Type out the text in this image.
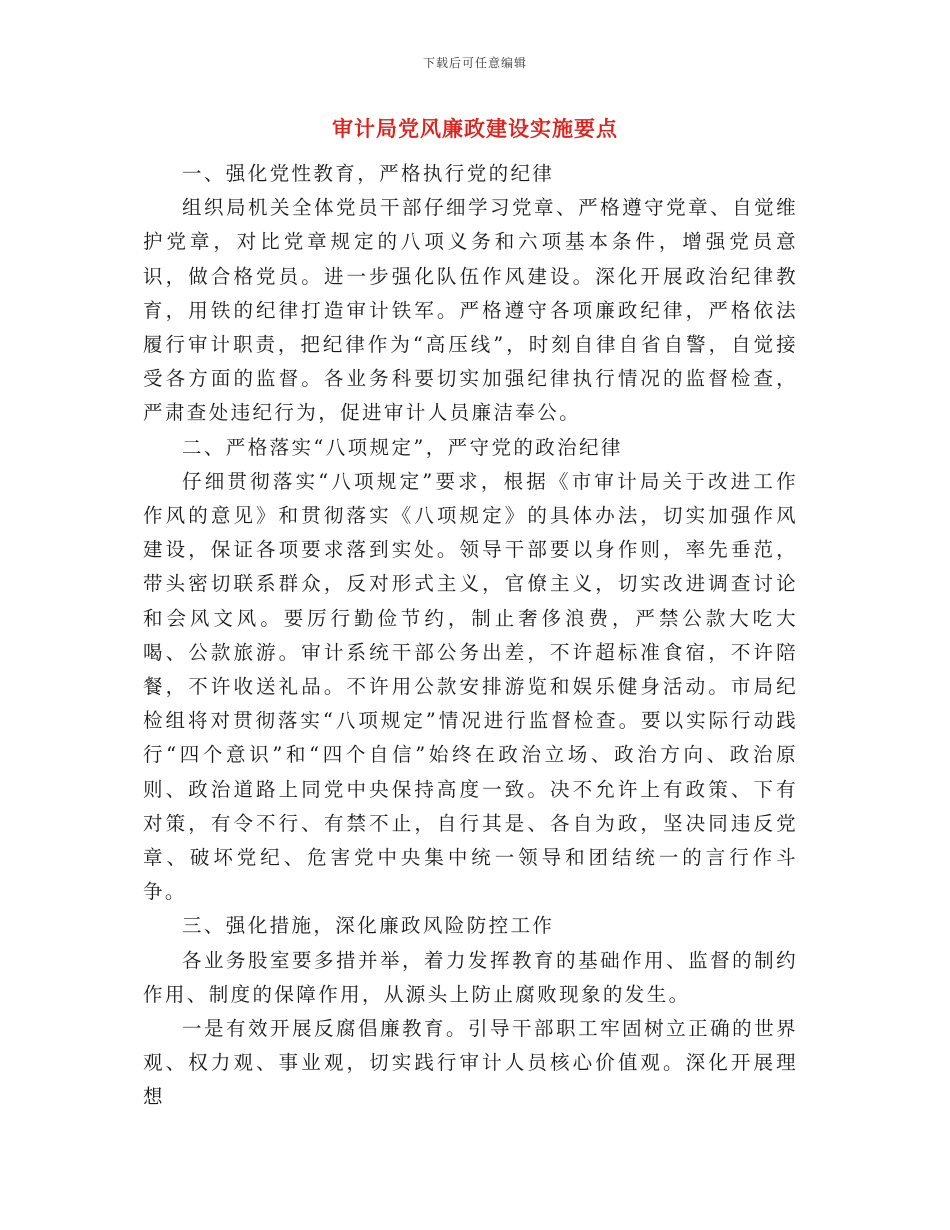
下载后可任意编辑
审计局党风廉政建设实施要点

一、强化党性教育，严格执行党的纪律

组织局机关全体党员干部仔细学习党章、严格遵守党章、自觉维护党章，对比党章规定的八项义务和六项基本条件，增强党员意识，做合格党员。进一步强化队伍作风建设。深化开展政治纪律教育，用铁的纪律打造审计铁军。严格遵守各项廉政纪律，严格依法履行审计职责，把纪律作为“高压线”，时刻自律自省自警，自觉接受各方面的监督。各业务科要切实加强纪律执行情况的监督检查，严肃查处违纪行为，促进审计人员廉洁奉公。

二、严格落实“八项规定”，严守党的政治纪律

仔细贯彻落实“八项规定”要求，根据《市审计局关于改进工作作风的意见》和贯彻落实《八项规定》的具体办法，切实加强作风建设，保证各项要求落到实处。领导干部要以身作则，率先垂范，带头密切联系群众，反对形式主义，官僚主义，切实改进调查讨论和会风文风。要厉行勤俭节约，制止奢侈浪费，严禁公款大吃大喝、公款旅游。审计系统干部公务出差，不许超标准食宿，不许陪餐，不许收送礼品。不许用公款安排游览和娱乐健身活动。市局纪检组将对贯彻落实“八项规定”情况进行监督检查。要以实际行动践行“四个意识”和“四个自信”始终在政治立场、政治方向、政治原则、政治道路上同党中央保持高度一致。决不允许上有政策、下有对策，有令不行、有禁不止，自行其是、各自为政，坚决同违反党章、破坏党纪、危害党中央集中统一领导和团结统一的言行作斗争。

三、强化措施，深化廉政风险防控工作

各业务股室要多措并举，着力发挥教育的基础作用、监督的制约作用、制度的保障作用，从源头上防止腐败现象的发生。

一是有效开展反腐倡廉教育。引导干部职工牢固树立正确的世界观、权力观、事业观，切实践行审计人员核心价值观。深化开展理想
